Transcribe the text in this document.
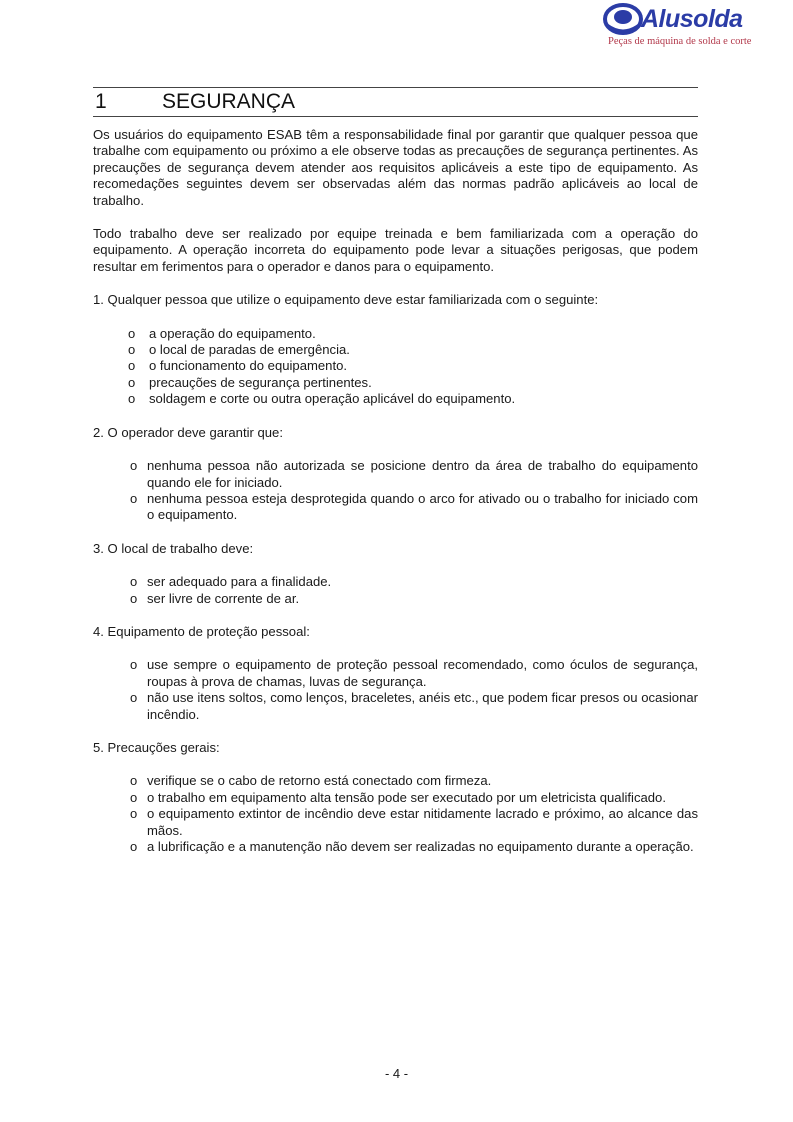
Alusolda
Peças de máquina de solda e corte
1	SEGURANÇA

Os usuários do equipamento ESAB têm a responsabilidade final por garantir que qualquer pessoa que trabalhe com equipamento ou próximo a ele observe todas as precauções de segurança pertinentes. As precauções de segurança devem atender aos requisitos aplicáveis a este tipo de equipamento. As recomedações seguintes devem ser observadas além das normas padrão aplicáveis ao local de trabalho.

Todo trabalho deve ser realizado por equipe treinada e bem familiarizada com a operação do equipamento. A operação incorreta do equipamento pode levar a situações perigosas, que podem resultar em ferimentos para o operador e danos para o equipamento.

1. Qualquer pessoa que utilize o equipamento deve estar familiarizada com o seguinte:

o a operação do equipamento.
o o local de paradas de emergência.
o o funcionamento do equipamento.
o precauções de segurança pertinentes.
o soldagem e corte ou outra operação aplicável do equipamento.

2. O operador deve garantir que:

o nenhuma pessoa não autorizada se posicione dentro da área de trabalho do equipamento quando ele for iniciado.
o nenhuma pessoa esteja desprotegida quando o arco for ativado ou o trabalho for iniciado com o equipamento.

3. O local de trabalho deve:

o ser adequado para a finalidade.
o ser livre de corrente de ar.

4. Equipamento de proteção pessoal:

o use sempre o equipamento de proteção pessoal recomendado, como óculos de segurança, roupas à prova de chamas, luvas de segurança.
o não use itens soltos, como lenços, braceletes, anéis etc., que podem ficar presos ou ocasionar incêndio.

5. Precauções gerais:

o verifique se o cabo de retorno está conectado com firmeza.
o o trabalho em equipamento alta tensão pode ser executado por um eletricista qualificado.
o o equipamento extintor de incêndio deve estar nitidamente lacrado e próximo, ao alcance das mãos.
o a lubrificação e a manutenção não devem ser realizadas no equipamento durante a operação.
- 4 -
